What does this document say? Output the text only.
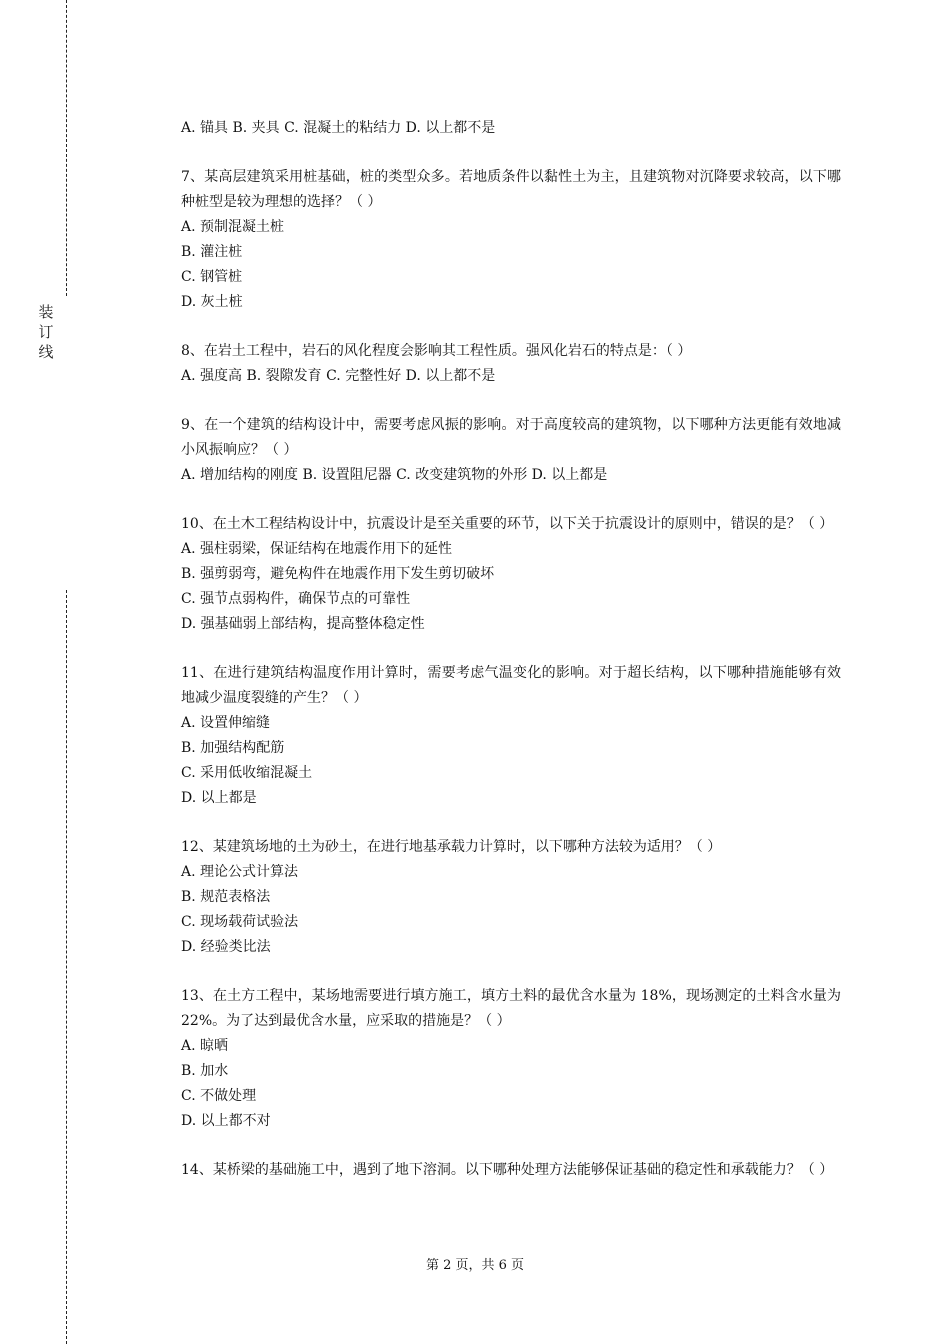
装
订
线
A. 锚具 B. 夹具 C. 混凝土的粘结力 D. 以上都不是
7、某高层建筑采用桩基础，桩的类型众多。若地质条件以黏性土为主，且建筑物对沉降要求较高，以下哪种桩型是较为理想的选择？（ ）
A. 预制混凝土桩
B. 灌注桩
C. 钢管桩
D. 灰土桩
8、在岩土工程中，岩石的风化程度会影响其工程性质。强风化岩石的特点是：（ ）
A. 强度高 B. 裂隙发育 C. 完整性好 D. 以上都不是
9、在一个建筑的结构设计中，需要考虑风振的影响。对于高度较高的建筑物，以下哪种方法更能有效地减小风振响应？（ ）
A. 增加结构的刚度 B. 设置阻尼器 C. 改变建筑物的外形 D. 以上都是
10、在土木工程结构设计中，抗震设计是至关重要的环节，以下关于抗震设计的原则中，错误的是？（ ）
A. 强柱弱梁，保证结构在地震作用下的延性
B. 强剪弱弯，避免构件在地震作用下发生剪切破坏
C. 强节点弱构件，确保节点的可靠性
D. 强基础弱上部结构，提高整体稳定性
11、在进行建筑结构温度作用计算时，需要考虑气温变化的影响。对于超长结构，以下哪种措施能够有效地减少温度裂缝的产生？（ ）
A. 设置伸缩缝
B. 加强结构配筋
C. 采用低收缩混凝土
D. 以上都是
12、某建筑场地的土为砂土，在进行地基承载力计算时，以下哪种方法较为适用？（ ）
A. 理论公式计算法
B. 规范表格法
C. 现场载荷试验法
D. 经验类比法
13、在土方工程中，某场地需要进行填方施工，填方土料的最优含水量为 18%，现场测定的土料含水量为 22%。为了达到最优含水量，应采取的措施是？（ ）
A. 晾晒
B. 加水
C. 不做处理
D. 以上都不对
14、某桥梁的基础施工中，遇到了地下溶洞。以下哪种处理方法能够保证基础的稳定性和承载能力？（ ）
第 2 页，共 6 页
